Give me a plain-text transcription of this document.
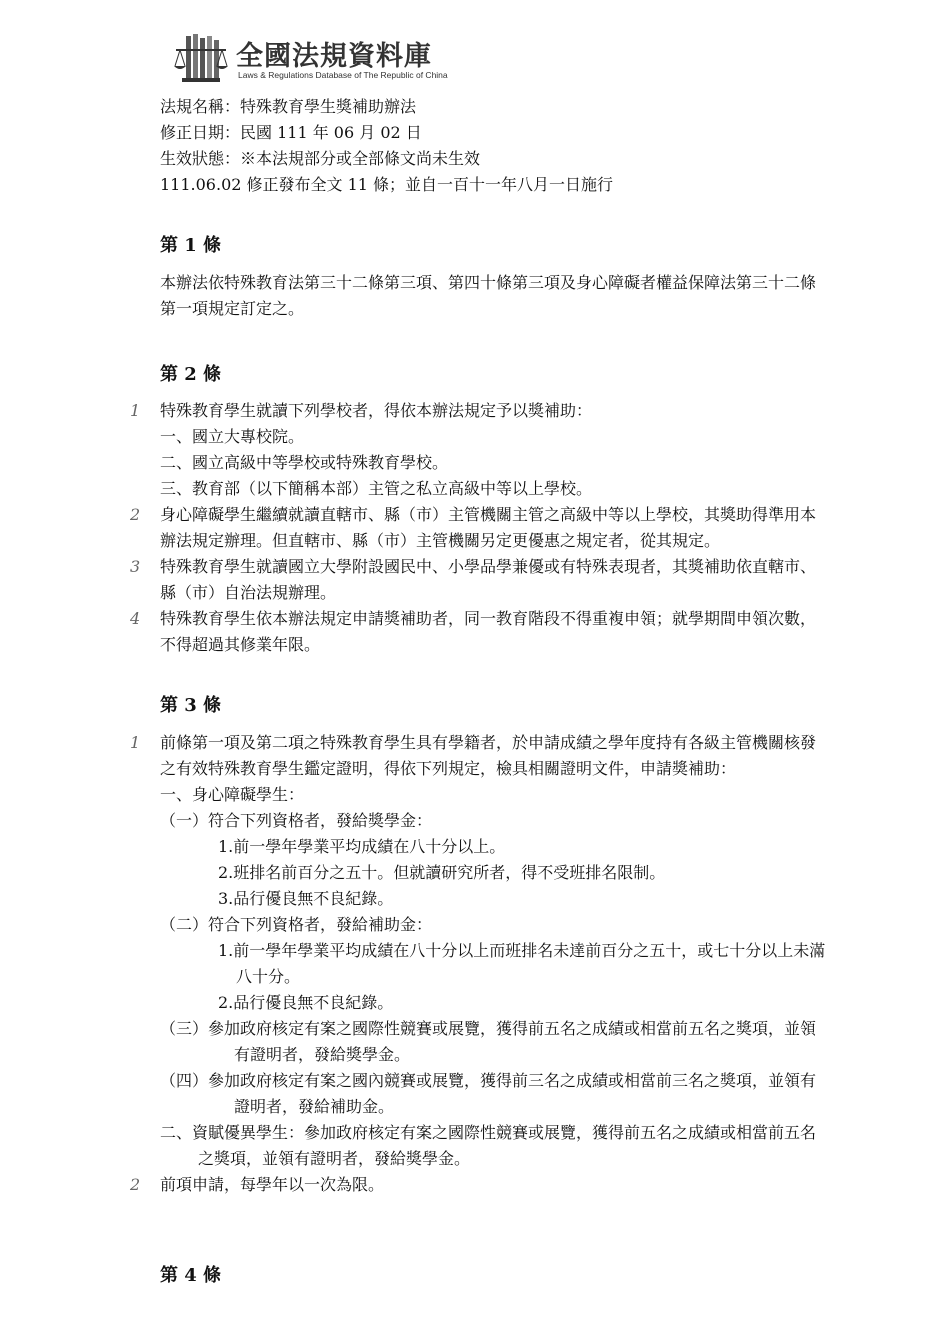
全國法規資料庫
Laws & Regulations Database of The Republic of China
法規名稱：特殊教育學生獎補助辦法
修正日期：民國 111 年 06 月 02 日
生效狀態：※本法規部分或全部條文尚未生效
111.06.02 修正發布全文 11 條；並自一百十一年八月一日施行
第 1 條

本辦法依特殊教育法第三十二條第三項、第四十條第三項及身心障礙者權益保障法第三十二條第一項規定訂定之。

第 2 條
1 特殊教育學生就讀下列學校者，得依本辦法規定予以獎補助：
一、國立大專校院。
二、國立高級中等學校或特殊教育學校。
三、教育部（以下簡稱本部）主管之私立高級中等以上學校。
2 身心障礙學生繼續就讀直轄市、縣（市）主管機關主管之高級中等以上學校，其獎助得準用本辦法規定辦理。但直轄市、縣（市）主管機關另定更優惠之規定者，從其規定。
3 特殊教育學生就讀國立大學附設國民中、小學品學兼優或有特殊表現者，其獎補助依直轄市、縣（市）自治法規辦理。
4 特殊教育學生依本辦法規定申請獎補助者，同一教育階段不得重複申領；就學期間申領次數，不得超過其修業年限。
第 3 條
1 前條第一項及第二項之特殊教育學生具有學籍者，於申請成績之學年度持有各級主管機關核發之有效特殊教育學生鑑定證明，得依下列規定，檢具相關證明文件，申請獎補助：
一、身心障礙學生：
（一）符合下列資格者，發給獎學金：
1.前一學年學業平均成績在八十分以上。
2.班排名前百分之五十。但就讀研究所者，得不受班排名限制。
3.品行優良無不良紀錄。
（二）符合下列資格者，發給補助金：
1.前一學年學業平均成績在八十分以上而班排名未達前百分之五十，或七十分以上未滿八十分。
2.品行優良無不良紀錄。
（三）參加政府核定有案之國際性競賽或展覽，獲得前五名之成績或相當前五名之獎項，並領有證明者，發給獎學金。
（四）參加政府核定有案之國內競賽或展覽，獲得前三名之成績或相當前三名之獎項，並領有證明者，發給補助金。
二、資賦優異學生：參加政府核定有案之國際性競賽或展覽，獲得前五名之成績或相當前五名之獎項，並領有證明者，發給獎學金。
2 前項申請，每學年以一次為限。
第 4 條
